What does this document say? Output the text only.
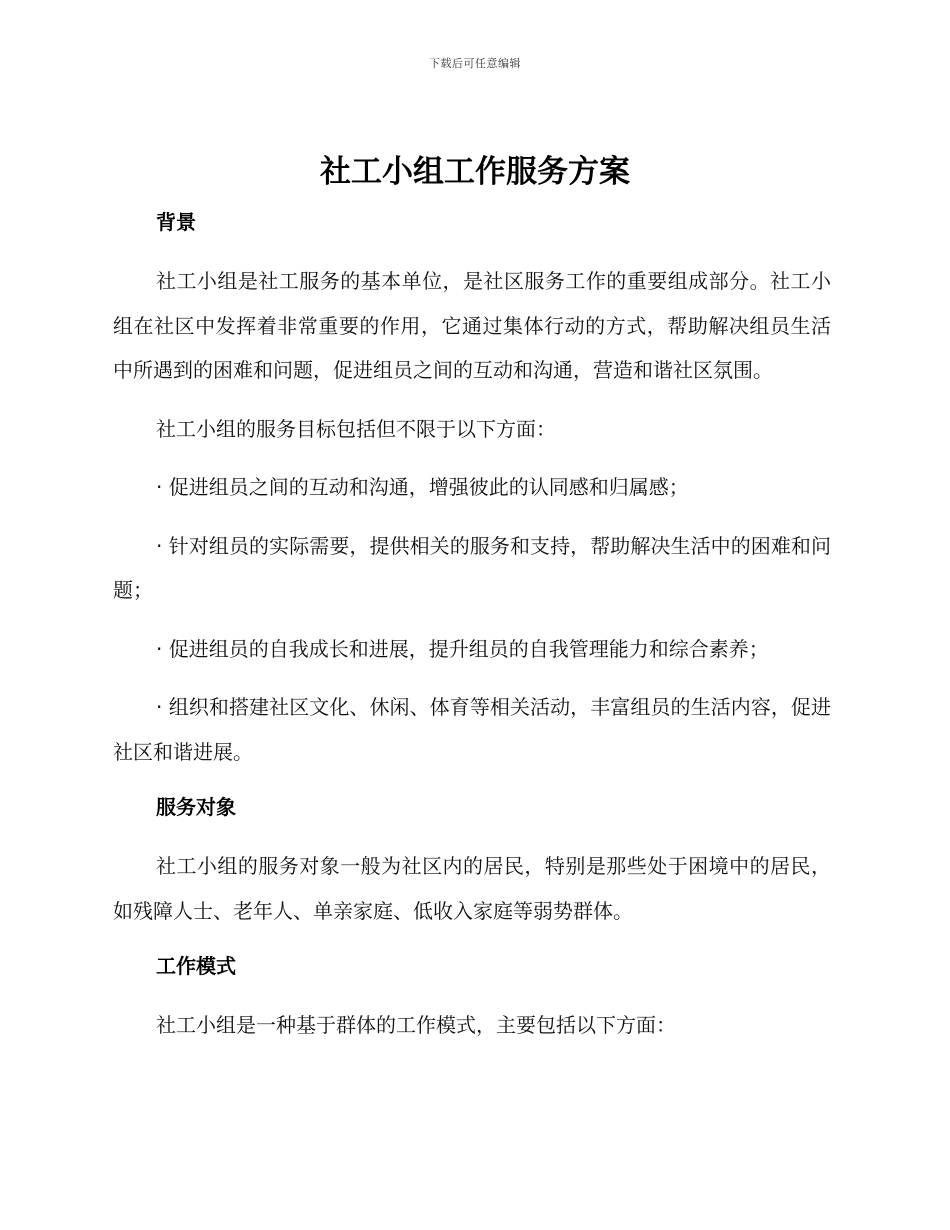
下载后可任意编辑
社工小组工作服务方案
背景

社工小组是社工服务的基本单位，是社区服务工作的重要组成部分。社工小组在社区中发挥着非常重要的作用，它通过集体行动的方式，帮助解决组员生活中所遇到的困难和问题，促进组员之间的互动和沟通，营造和谐社区氛围。

社工小组的服务目标包括但不限于以下方面：

· 促进组员之间的互动和沟通，增强彼此的认同感和归属感；

· 针对组员的实际需要，提供相关的服务和支持，帮助解决生活中的困难和问题；

· 促进组员的自我成长和进展，提升组员的自我管理能力和综合素养；

· 组织和搭建社区文化、休闲、体育等相关活动，丰富组员的生活内容，促进社区和谐进展。

服务对象

社工小组的服务对象一般为社区内的居民，特别是那些处于困境中的居民，如残障人士、老年人、单亲家庭、低收入家庭等弱势群体。

工作模式

社工小组是一种基于群体的工作模式，主要包括以下方面：
